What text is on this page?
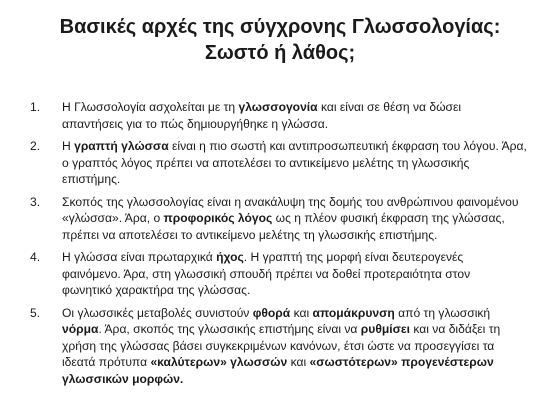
Βασικές αρχές της σύγχρονης Γλωσσολογίας:
Σωστό ή λάθος;
1.	Η Γλωσσολογία ασχολείται με τη γλωσσογονία και είναι σε θέση να δώσει
απαντήσεις για το πώς δημιουργήθηκε η γλώσσα.
2.	Η γραπτή γλώσσα είναι η πιο σωστή και αντιπροσωπευτική έκφραση του λόγου. Άρα,
ο γραπτός λόγος πρέπει να αποτελέσει το αντικείμενο μελέτης τη γλωσσικής
επιστήμης.
3.	Σκοπός της γλωσσολογίας είναι η ανακάλυψη της δομής του ανθρώπινου φαινομένου
«γλώσσα». Άρα, ο προφορικός λόγος ως η πλέον φυσική έκφραση της γλώσσας,
πρέπει να αποτελέσει το αντικείμενο μελέτης τη γλωσσικής επιστήμης.
4.	Η γλώσσα είναι πρωταρχικά ήχος. Η γραπτή της μορφή είναι δευτερογενές
φαινόμενο. Άρα, στη γλωσσική σπουδή πρέπει να δοθεί προτεραιότητα στον
φωνητικό χαρακτήρα της γλώσσας.
5.	Οι γλωσσικές μεταβολές συνιστούν φθορά και απομάκρυνση από τη γλωσσική
νόρμα. Άρα, σκοπός της γλωσσικής επιστήμης είναι να ρυθμίσει και να διδάξει τη
χρήση της γλώσσας βάσει συγκεκριμένων κανόνων, έτσι ώστε να προσεγγίσει τα
ιδεατά πρότυπα «καλύτερων» γλωσσών και «σωστότερων» προγενέστερων
γλωσσικών μορφών.
